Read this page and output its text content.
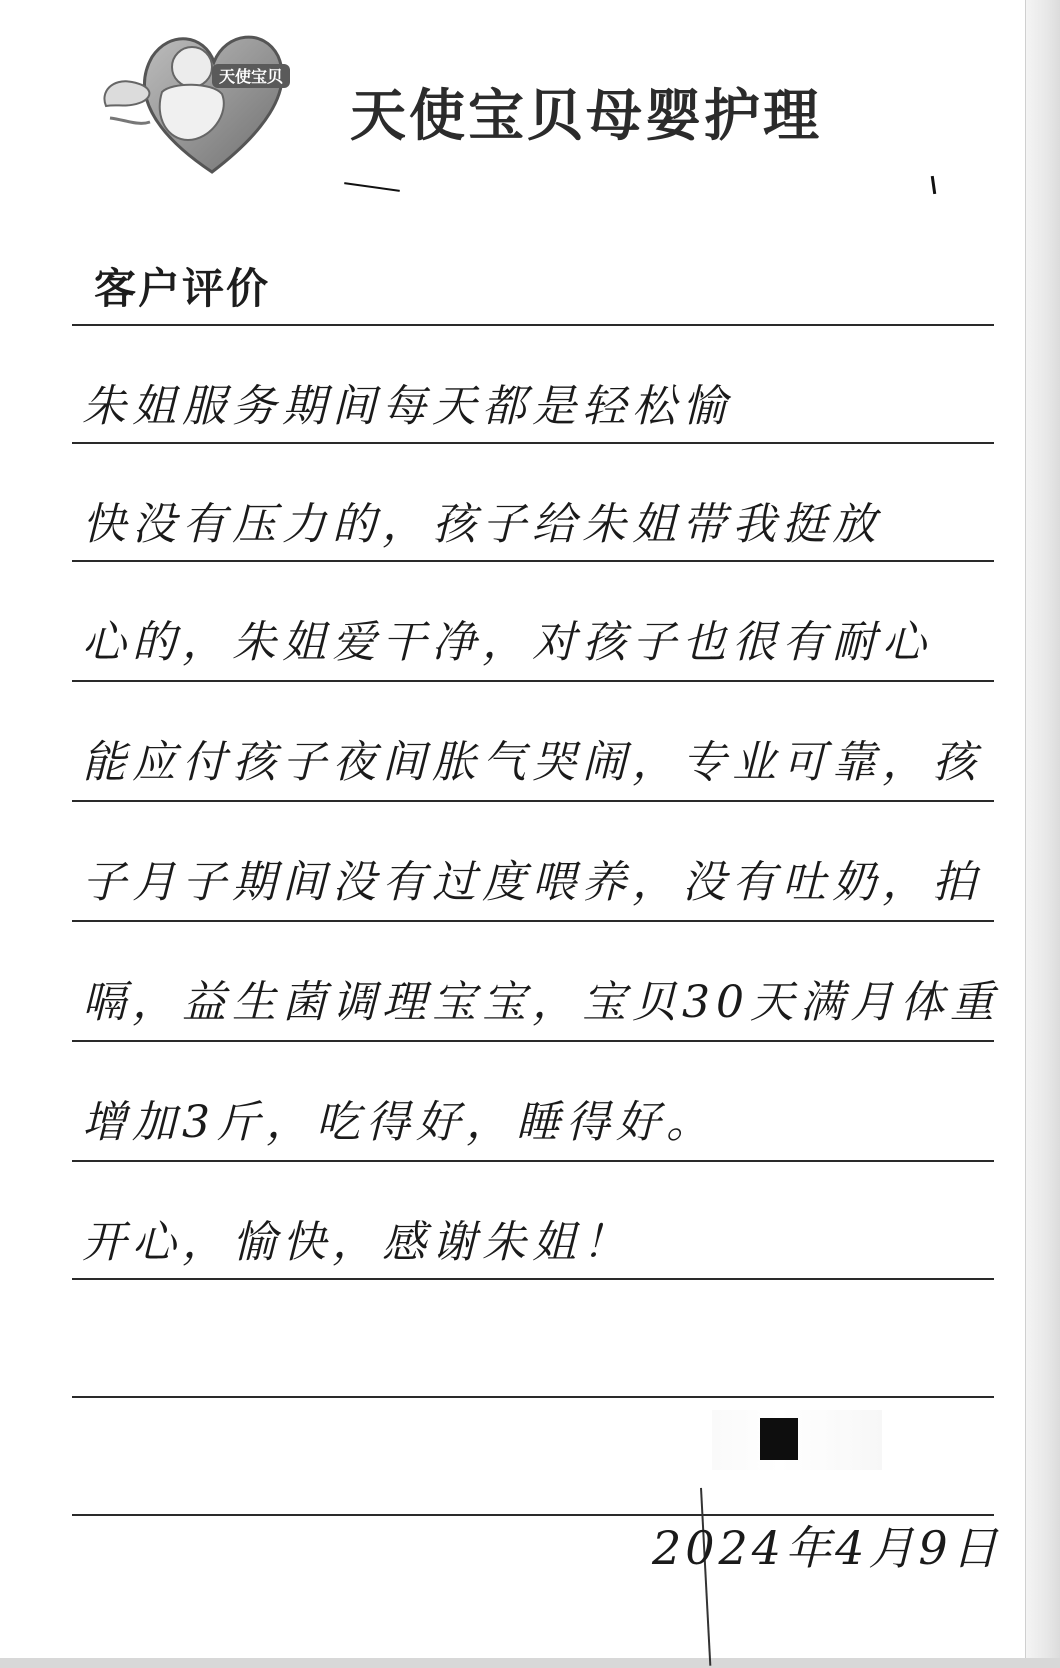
天使宝贝
天使宝贝母婴护理
客户评价
朱姐服务期间每天都是轻松愉
快没有压力的，孩子给朱姐带我挺放
心的，朱姐爱干净，对孩子也很有耐心
能应付孩子夜间胀气哭闹，专业可靠，孩
子月子期间没有过度喂养，没有吐奶，拍
嗝，益生菌调理宝宝，宝贝30天满月体重
增加3斤，吃得好，睡得好。
开心，愉快，感谢朱姐！
2024年4月9日
